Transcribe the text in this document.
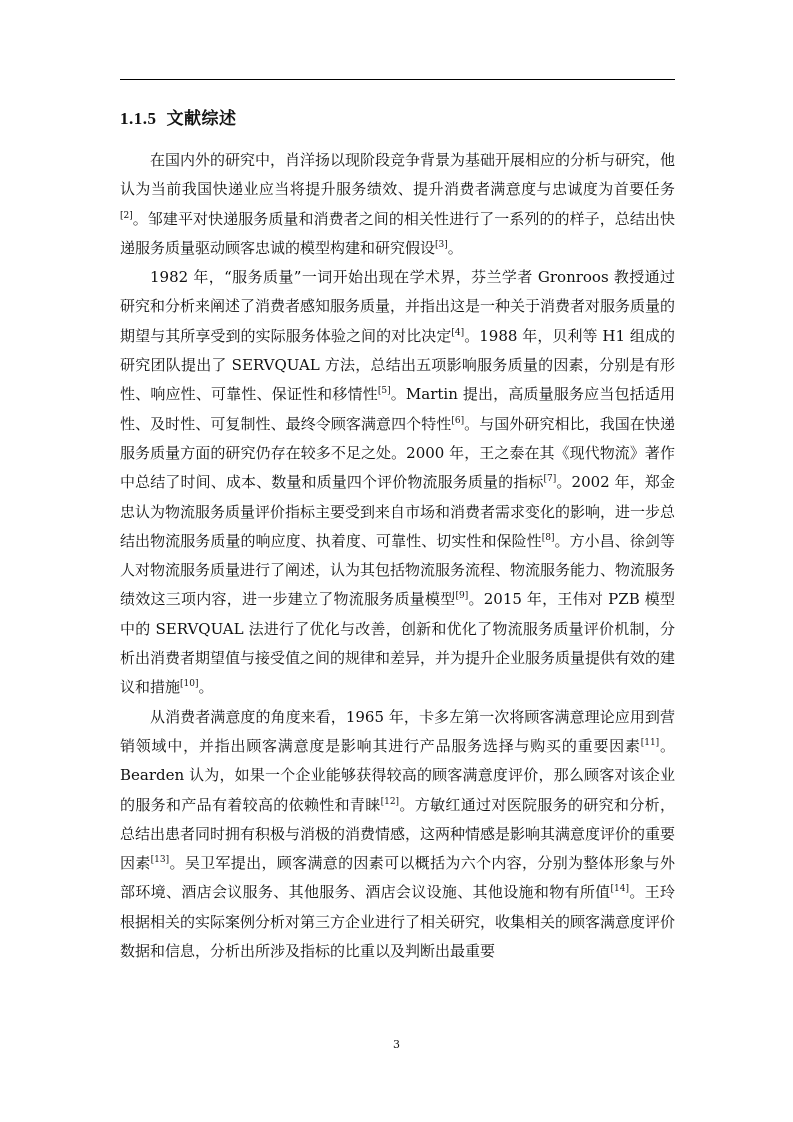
1.1.5 文献综述

在国内外的研究中，肖洋扬以现阶段竞争背景为基础开展相应的分析与研究，他认为当前我国快递业应当将提升服务绩效、提升消费者满意度与忠诚度为首要任务[2]。邹建平对快递服务质量和消费者之间的相关性进行了一系列的的样子，总结出快递服务质量驱动顾客忠诚的模型构建和研究假设[3]。

1982 年，“服务质量”一词开始出现在学术界，芬兰学者 Gronroos 教授通过研究和分析来阐述了消费者感知服务质量，并指出这是一种关于消费者对服务质量的期望与其所享受到的实际服务体验之间的对比决定[4]。1988 年，贝利等 H1 组成的研究团队提出了 SERVQUAL 方法，总结出五项影响服务质量的因素，分别是有形性、响应性、可靠性、保证性和移情性[5]。Martin 提出，高质量服务应当包括适用性、及时性、可复制性、最终令顾客满意四个特性[6]。与国外研究相比，我国在快递服务质量方面的研究仍存在较多不足之处。2000 年，王之泰在其《现代物流》著作中总结了时间、成本、数量和质量四个评价物流服务质量的指标[7]。2002 年，郑金忠认为物流服务质量评价指标主要受到来自市场和消费者需求变化的影响，进一步总结出物流服务质量的响应度、执着度、可靠性、切实性和保险性[8]。方小昌、徐剑等人对物流服务质量进行了阐述，认为其包括物流服务流程、物流服务能力、物流服务绩效这三项内容，进一步建立了物流服务质量模型[9]。2015 年，王伟对 PZB 模型中的 SERVQUAL 法进行了优化与改善，创新和优化了物流服务质量评价机制，分析出消费者期望值与接受值之间的规律和差异，并为提升企业服务质量提供有效的建议和措施[10]。

从消费者满意度的角度来看，1965 年，卡多左第一次将顾客满意理论应用到营销领域中，并指出顾客满意度是影响其进行产品服务选择与购买的重要因素[11]。Bearden 认为，如果一个企业能够获得较高的顾客满意度评价，那么顾客对该企业的服务和产品有着较高的依赖性和青睐[12]。方敏红通过对医院服务的研究和分析，总结出患者同时拥有积极与消极的消费情感，这两种情感是影响其满意度评价的重要因素[13]。吴卫军提出，顾客满意的因素可以概括为六个内容，分别为整体形象与外部环境、酒店会议服务、其他服务、酒店会议设施、其他设施和物有所值[14]。王玲根据相关的实际案例分析对第三方企业进行了相关研究，收集相关的顾客满意度评价数据和信息，分析出所涉及指标的比重以及判断出最重要

3
